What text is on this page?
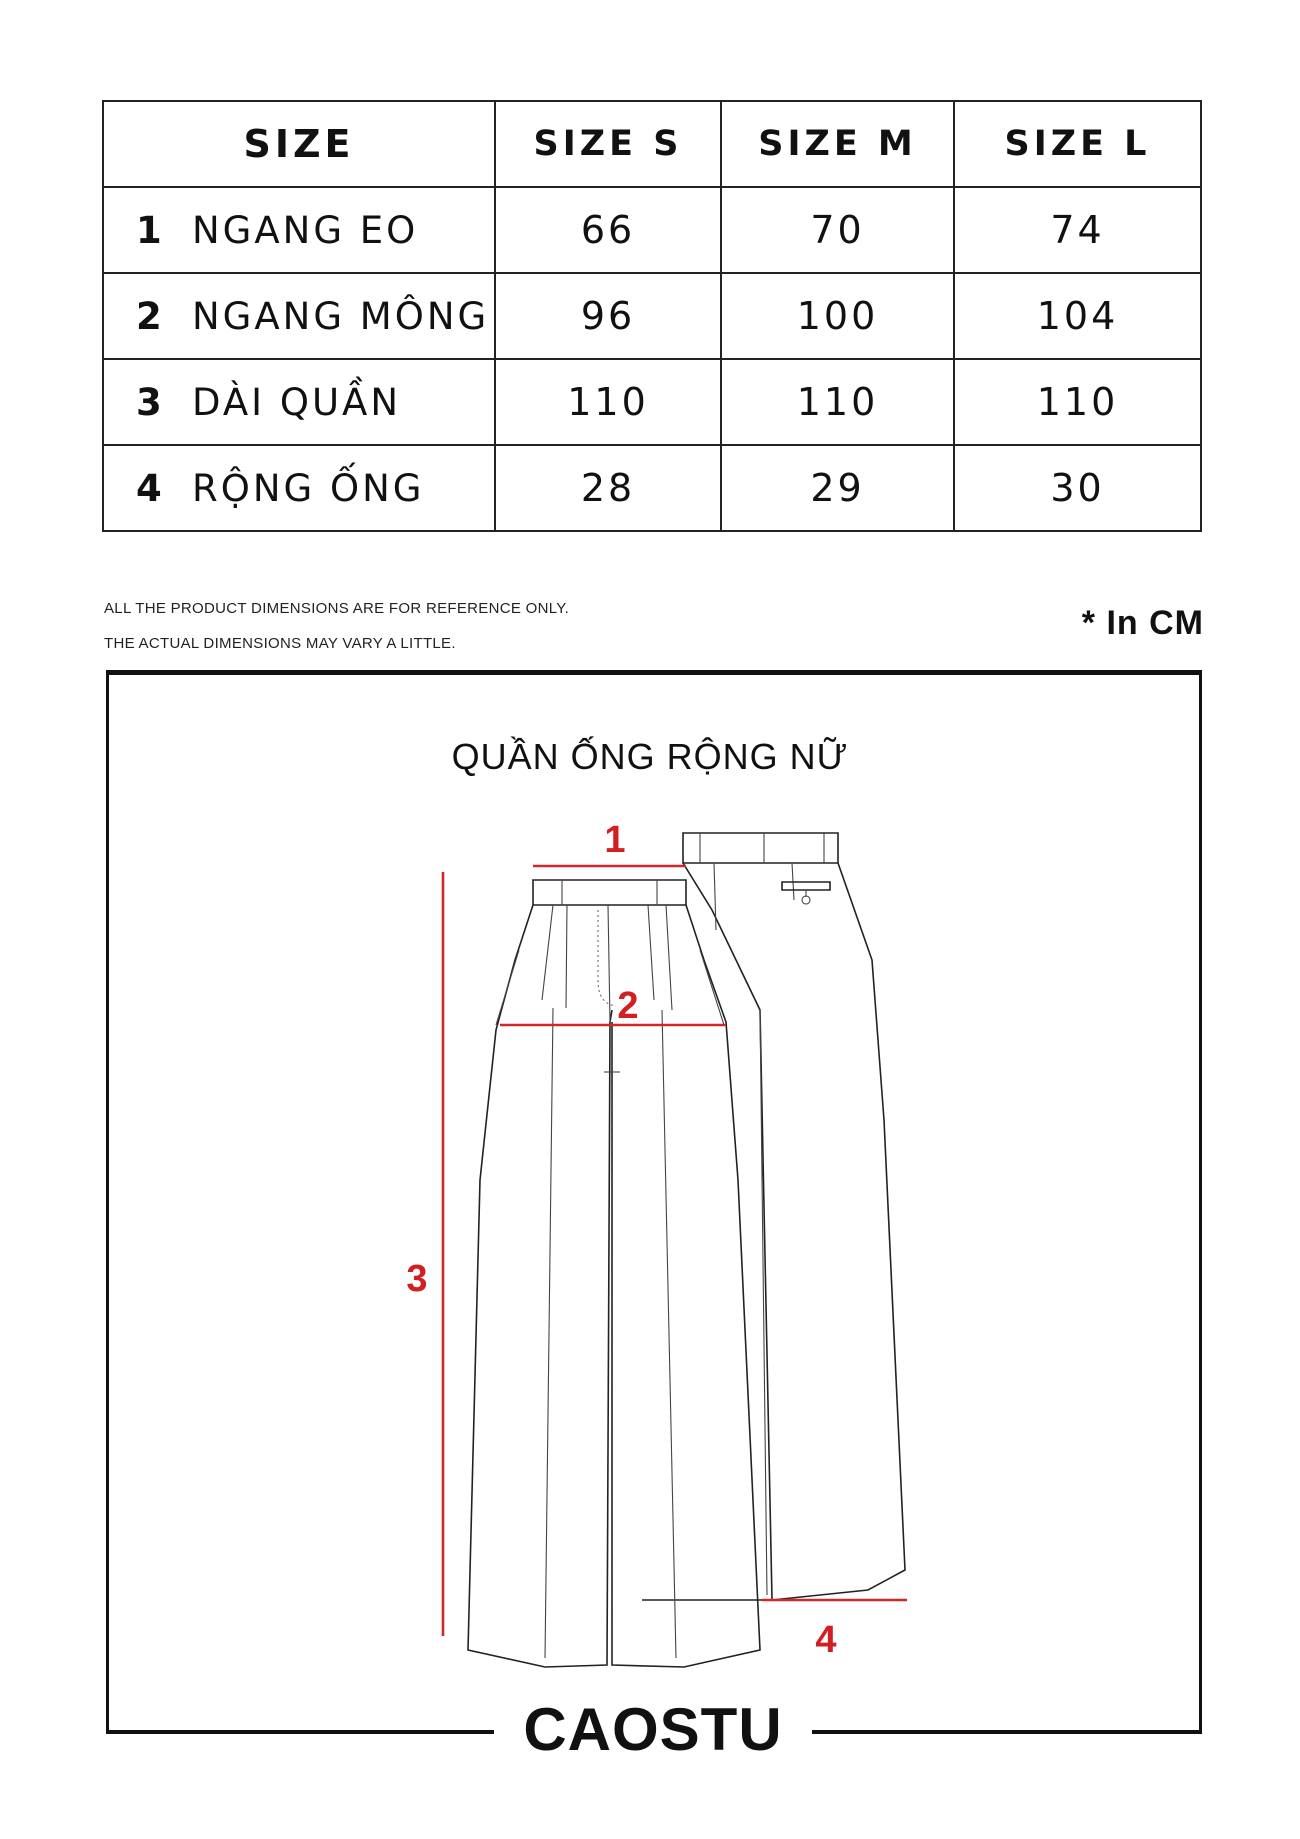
SIZE	SIZE S	SIZE M	SIZE L
1 NGANG EO	66	70	74
2 NGANG MÔNG	96	100	104
3 DÀI QUẦN	110	110	110
4 RỘNG ỐNG	28	29	30
ALL THE PRODUCT DIMENSIONS ARE FOR REFERENCE ONLY.
THE ACTUAL DIMENSIONS MAY VARY A LITTLE.
* In CM
QUẦN ỐNG RỘNG NỮ
1
2
3
4
CAOSTU
